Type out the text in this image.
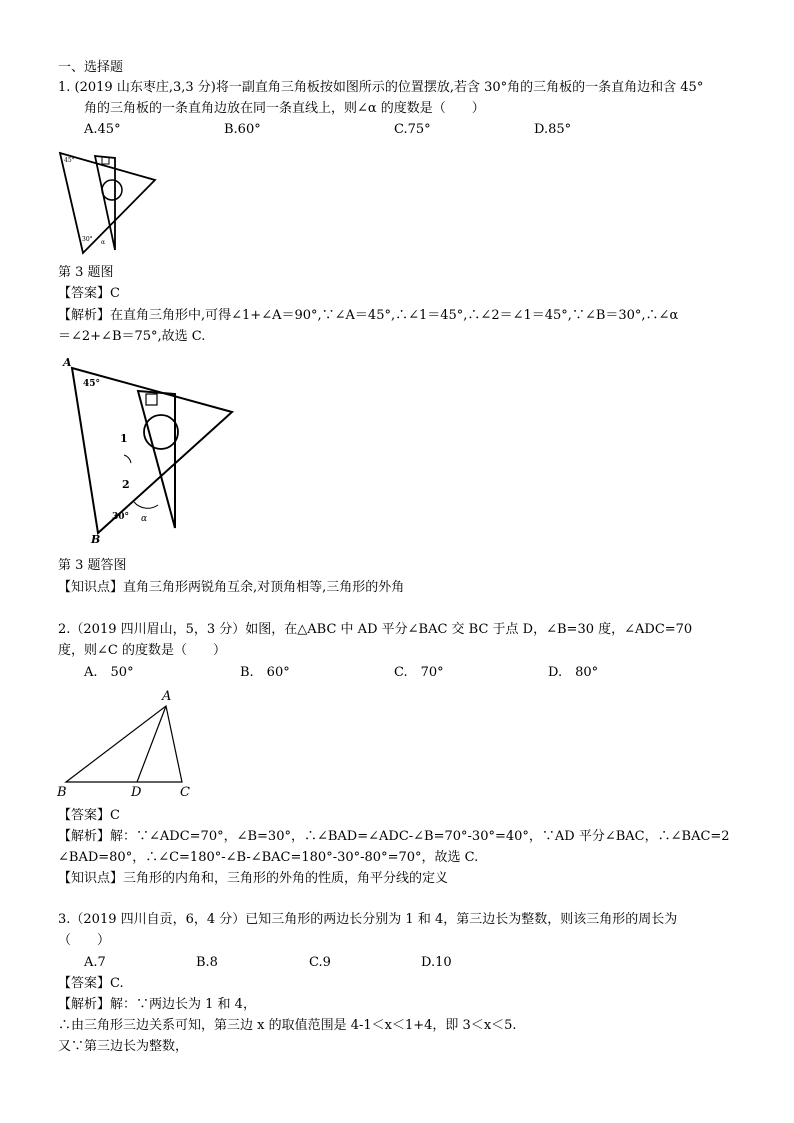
一、选择题
1. (2019 山东枣庄,3,3 分)将一副直角三角板按如图所示的位置摆放,若含 30°角的三角板的一条直角边和含 45°
角的三角板的一条直角边放在同一条直线上，则∠α 的度数是（　　）
A.45°	B.60°	C.75°	D.85°
45°
30° α
第 3 题图
【答案】C
【解析】在直角三角形中,可得∠1+∠A＝90°,∵∠A＝45°,∴∠1＝45°,∴∠2＝∠1＝45°,∵∠B＝30°,∴∠α
＝∠2+∠B＝75°,故选 C.
A
45°
1
2
30° α
B
第 3 题答图
【知识点】直角三角形两锐角互余,对顶角相等,三角形的外角
2.（2019 四川眉山，5，3 分）如图，在△ABC 中 AD 平分∠BAC 交 BC 于点 D，∠B=30 度，∠ADC=70
度，则∠C 的度数是（　　）
A.　50°	B.　60°	C.　70°	D.　80°
A
B	D	C
【答案】C
【解析】解：∵∠ADC=70°，∠B=30°，∴∠BAD=∠ADC-∠B=70°-30°=40°，∵AD 平分∠BAC，∴∠BAC=2
∠BAD=80°，∴∠C=180°-∠B-∠BAC=180°-30°-80°=70°，故选 C.
【知识点】三角形的内角和，三角形的外角的性质，角平分线的定义
3.（2019 四川自贡，6，4 分）已知三角形的两边长分别为 1 和 4，第三边长为整数，则该三角形的周长为
（　　）
A.7	B.8	C.9	D.10
【答案】C.
【解析】解：∵两边长为 1 和 4，
∴由三角形三边关系可知，第三边 x 的取值范围是 4-1＜x＜1+4，即 3＜x＜5.
又∵第三边长为整数，
